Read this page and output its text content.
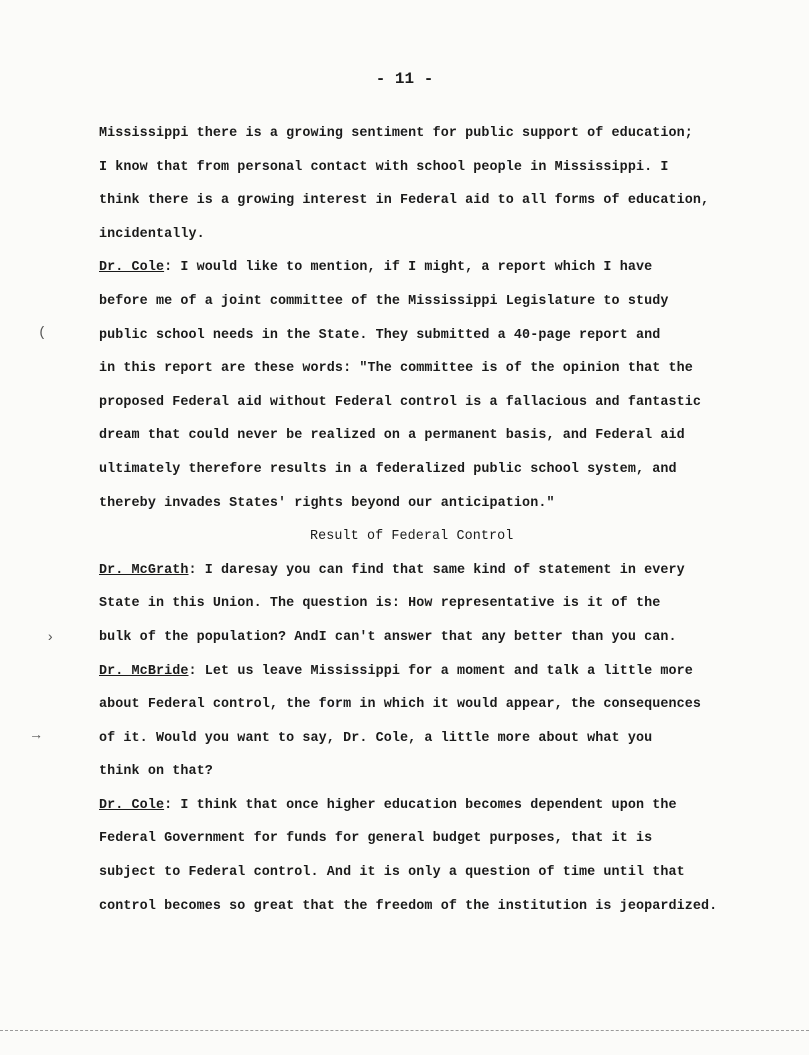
- 11 -
Mississippi there is a growing sentiment for public support of education;
I know that from personal contact with school people in Mississippi. I
think there is a growing interest in Federal aid to all forms of education,
incidentally.
Dr. Cole: I would like to mention, if I might, a report which I have
before me of a joint committee of the Mississippi Legislature to study
public school needs in the State. They submitted a 40-page report and
in this report are these words: "The committee is of the opinion that the
proposed Federal aid without Federal control is a fallacious and fantastic
dream that could never be realized on a permanent basis, and Federal aid
ultimately therefore results in a federalized public school system, and
thereby invades States' rights beyond our anticipation."
Result of Federal Control
Dr. McGrath: I daresay you can find that same kind of statement in every
State in this Union. The question is: How representative is it of the
bulk of the population? AndI can't answer that any better than you can.
Dr. McBride: Let us leave Mississippi for a moment and talk a little more
about Federal control, the form in which it would appear, the consequences
of it. Would you want to say, Dr. Cole, a little more about what you
think on that?
Dr. Cole: I think that once higher education becomes dependent upon the
Federal Government for funds for general budget purposes, that it is
subject to Federal control. And it is only a question of time until that
control becomes so great that the freedom of the institution is jeopardized.
(
›
→
